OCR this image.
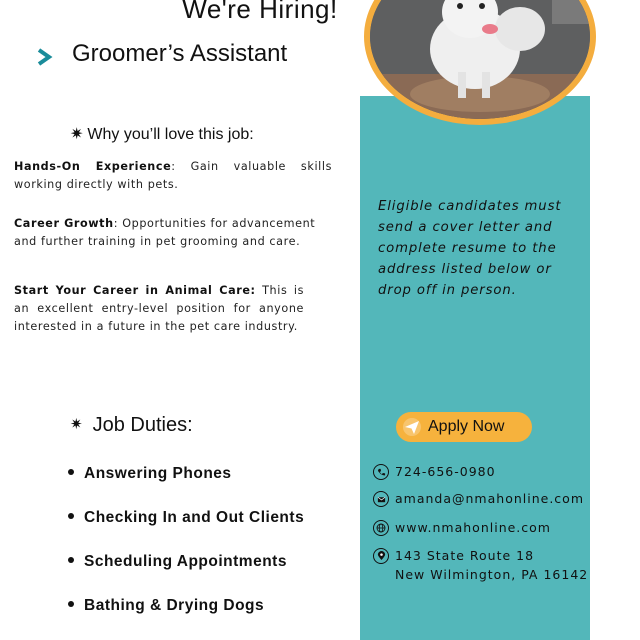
We're Hiring!
Groomer’s Assistant
✷ Why you’ll love this job:
Hands-On Experience: Gain valuable skills working directly with pets.
Career Growth: Opportunities for advancement and further training in pet grooming and care.
Start Your Career in Animal Care: This is an excellent entry-level position for anyone interested in a future in the pet care industry.
✷ Job Duties:
Answering Phones
Checking In and Out Clients
Scheduling Appointments
Bathing & Drying Dogs
Eligible candidates must send a cover letter and complete resume to the address listed below or drop off in person.
Apply Now
724-656-0980
amanda@nmahonline.com
www.nmahonline.com
143 State Route 18
New Wilmington, PA 16142
